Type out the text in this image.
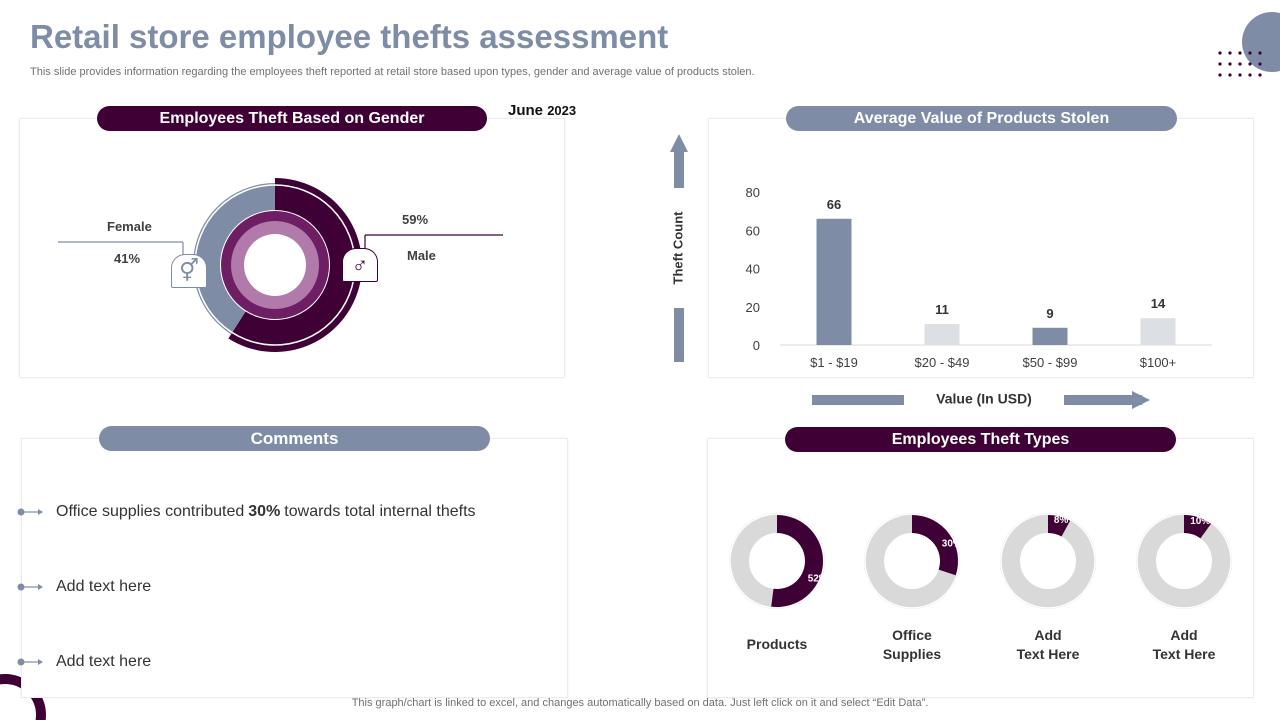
Retail store employee thefts assessment
This slide provides information regarding the employees theft reported at retail store based upon types, gender and average value of products stolen.
Employees Theft Based on Gender	June 2023
Female
41%
59%
Male
⚥	♂
Average Value of Products Stolen
Theft Count
Value (In USD)
0
20
40
60
80
66
$1 - $19
11
$20 - $49
9
$50 - $99
14
$100+
Comments
Office supplies contributed 30% towards total internal thefts
Add text here
Add text here
Employees Theft Types
52%
30%
8%	10%
Products
Office
Supplies
Add
Text Here
Add
Text Here
This graph/chart is linked to excel, and changes automatically based on data. Just left click on it and select “Edit Data”.
